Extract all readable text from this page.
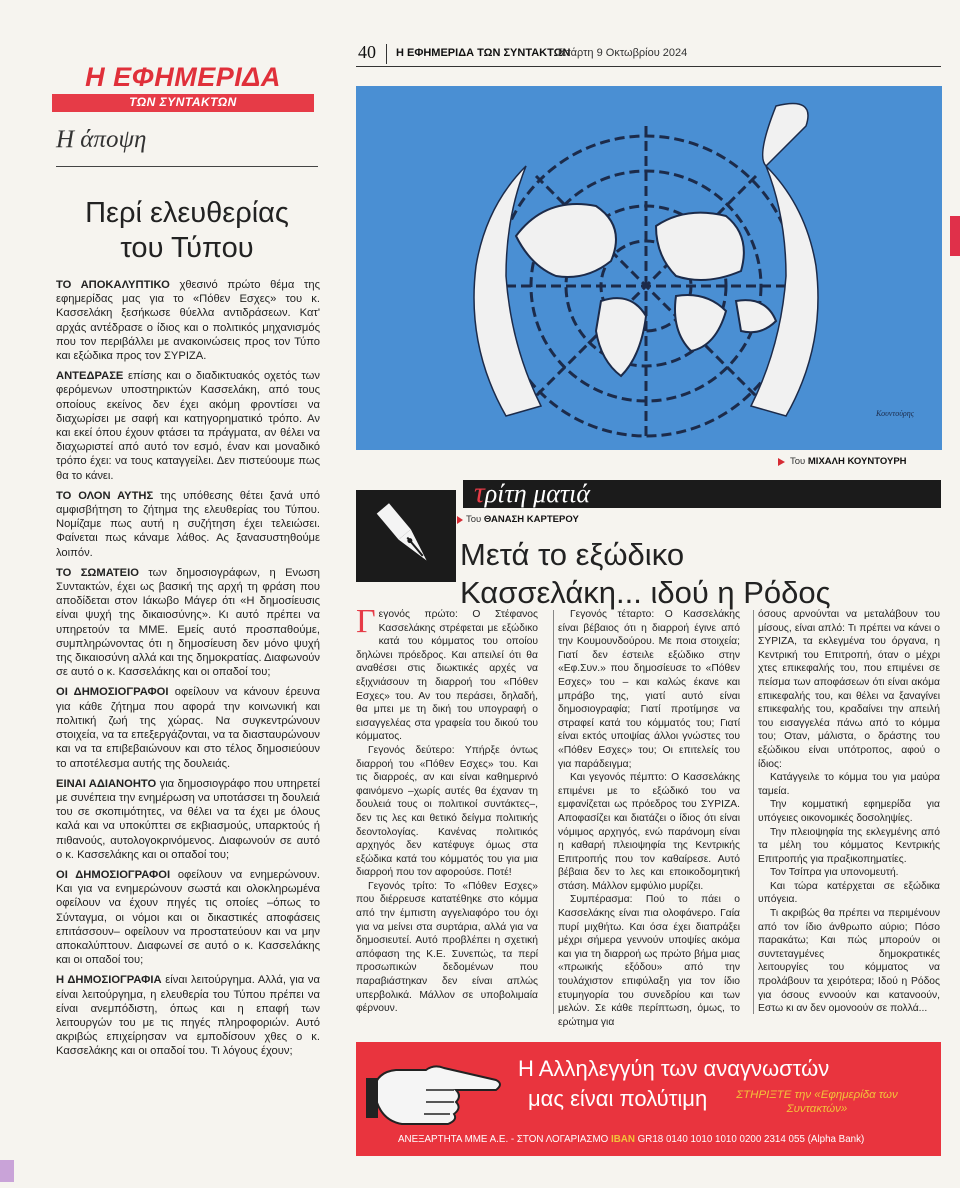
40 Η ΕΦΗΜΕΡΙΔΑ ΤΩΝ ΣΥΝΤΑΚΤΩΝ
Τετάρτη 9 Οκτωβρίου 2024
Η ΕΦΗΜΕΡΙΔΑ
ΤΩΝ ΣΥΝΤΑΚΤΩΝ
Η άποψη
Περί ελευθερίας
του Τύπου

ΤΟ ΑΠΟΚΑΛΥΠΤΙΚΟ χθεσινό πρώτο θέμα της εφημερίδας μας για το «Πόθεν Εσχες» του κ. Κασσελάκη ξεσήκωσε θύελλα αντιδράσεων. Κατ' αρχάς αντέδρασε ο ίδιος και ο πολιτικός μηχανισμός που τον περιβάλλει με ανακοινώσεις προς τον Τύπο και εξώδικα προς τον ΣΥΡΙΖΑ.

ΑΝΤΕΔΡΑΣΕ επίσης και ο διαδικτυακός οχετός των φερόμενων υποστηρικτών Κασσελάκη, από τους οποίους εκείνος δεν έχει ακόμη φροντίσει να διαχωρίσει με σαφή και κατηγορηματικό τρόπο. Αν και εκεί όπου έχουν φτάσει τα πράγματα, αν θέλει να διαχωριστεί από αυτό τον εσμό, έναν και μοναδικό τρόπο έχει: να τους καταγγείλει. Δεν πιστεύουμε πως θα το κάνει.

ΤΟ ΟΛΟΝ ΑΥΤΗΣ της υπόθεσης θέτει ξανά υπό αμφισβήτηση το ζήτημα της ελευθερίας του Τύπου. Νομίζαμε πως αυτή η συζήτηση έχει τελειώσει. Φαίνεται πως κάναμε λάθος. Ας ξανασυστηθούμε λοιπόν.

ΤΟ ΣΩΜΑΤΕΙΟ των δημοσιογράφων, η Ενωση Συντακτών, έχει ως βασική της αρχή τη φράση που αποδίδεται στον Ιάκωβο Μάγερ ότι «Η δημοσίευσις είναι ψυχή της δικαιοσύνης». Κι αυτό πρέπει να υπηρετούν τα ΜΜΕ. Εμείς αυτό προσπαθούμε, συμπληρώνοντας ότι η δημοσίευση δεν μόνο ψυχή της δικαιοσύνη αλλά και της δημοκρατίας. Διαφωνούν σε αυτό ο κ. Κασσελάκης και οι οπαδοί του;

ΟΙ ΔΗΜΟΣΙΟΓΡΑΦΟΙ οφείλουν να κάνουν έρευνα για κάθε ζήτημα που αφορά την κοινωνική και πολιτική ζωή της χώρας. Να συγκεντρώνουν στοιχεία, να τα επεξεργάζονται, να τα διασταυρώνουν και να τα επιβεβαιώνουν και στο τέλος δημοσιεύουν το αποτέλεσμα αυτής της δουλειάς.

ΕΙΝΑΙ ΑΔΙΑΝΟΗΤΟ για δημοσιογράφο που υπηρετεί με συνέπεια την ενημέρωση να υποτάσσει τη δουλειά του σε σκοπιμότητες, να θέλει να τα έχει με όλους καλά και να υποκύπτει σε εκβιασμούς, υπαρκτούς ή πιθανούς, αυτολογοκρινόμενος. Διαφωνούν σε αυτό ο κ. Κασσελάκης και οι οπαδοί του;

ΟΙ ΔΗΜΟΣΙΟΓΡΑΦΟΙ οφείλουν να ενημερώνουν. Και για να ενημερώνουν σωστά και ολοκληρωμένα οφείλουν να έχουν πηγές τις οποίες –όπως το Σύνταγμα, οι νόμοι και οι δικαστικές αποφάσεις επιτάσσουν– οφείλουν να προστατεύουν και να μην αποκαλύπτουν. Διαφωνεί σε αυτό ο κ. Κασσελάκης και οι οπαδοί του;

Η ΔΗΜΟΣΙΟΓΡΑΦΙΑ είναι λειτούργημα. Αλλά, για να είναι λειτούργημα, η ελευθερία του Τύπου πρέπει να είναι ανεμπόδιστη, όπως και η επαφή των λειτουργών του με τις πηγές πληροφοριών. Αυτό ακριβώς επιχείρησαν να εμποδίσουν χθες ο κ. Κασσελάκης και οι οπαδοί του. Τι λόγους έχουν;

Κουντούρης
Του ΜΙΧΑΛΗ ΚΟΥΝΤΟΥΡΗ
τρίτη ματιά
Του ΘΑΝΑΣΗ ΚΑΡΤΕΡΟΥ
Μετά το εξώδικο
Κασσελάκη... ιδού η Ρόδος

Γεγονός πρώτο: Ο Στέφανος Κασσελάκης στρέφεται με εξώδικο κατά του κόμματος του οποίου δηλώνει πρόεδρος. Και απειλεί ότι θα αναθέσει στις διωκτικές αρχές να εξιχνιάσουν τη διαρροή του «Πόθεν Εσχες» του. Αν του περάσει, δηλαδή, θα μπει με τη δική του υπογραφή ο εισαγγελέας στα γραφεία του δικού του κόμματος.

Γεγονός δεύτερο: Υπήρξε όντως διαρροή του «Πόθεν Εσχες» του. Και τις διαρροές, αν και είναι καθημερινό φαινόμενο –χωρίς αυτές θα έχαναν τη δουλειά τους οι πολιτικοί συντάκτες–, δεν τις λες και θετικό δείγμα πολιτικής δεοντολογίας. Κανένας πολιτικός αρχηγός δεν κατέφυγε όμως στα εξώδικα κατά του κόμματός του για μια διαρροή που τον αφορούσε. Ποτέ!

Γεγονός τρίτο: Το «Πόθεν Εσχες» που διέρρευσε κατατέθηκε στο κόμμα από την έμπιστη αγγελιαφόρο του όχι για να μείνει στα συρτάρια, αλλά για να δημοσιευτεί. Αυτό προβλέπει η σχετική απόφαση της Κ.Ε. Συνεπώς, τα περί προσωπικών δεδομένων που παραβιάστηκαν δεν είναι απλώς υπερβολικά. Μάλλον σε υποβολιμαία φέρνουν.

Γεγονός τέταρτο: Ο Κασσελάκης είναι βέβαιος ότι η διαρροή έγινε από την Κουμουνδούρου. Με ποια στοιχεία; Γιατί δεν έστειλε εξώδικο στην «Εφ.Συν.» που δημοσίευσε το «Πόθεν Εσχες» του – και καλώς έκανε και μπράβο της, γιατί αυτό είναι δημοσιογραφία; Γιατί προτίμησε να στραφεί κατά του κόμματός του; Γιατί είναι εκτός υποψίας άλλοι γνώστες του «Πόθεν Εσχες» του; Οι επιτελείς του για παράδειγμα;

Και γεγονός πέμπτο: Ο Κασσελάκης επιμένει με το εξώδικό του να εμφανίζεται ως πρόεδρος του ΣΥΡΙΖΑ. Αποφασίζει και διατάζει ο ίδιος ότι είναι νόμιμος αρχηγός, ενώ παράνομη είναι η καθαρή πλειοψηφία της Κεντρικής Επιτροπής που τον καθαίρεσε. Αυτό βέβαια δεν το λες και εποικοδομητική στάση. Μάλλον εμφύλιο μυρίζει.

Συμπέρασμα: Πού το πάει ο Κασσελάκης είναι πια ολοφάνερο. Γαία πυρί μιχθήτω. Και όσα έχει διαπράξει μέχρι σήμερα γεννούν υποψίες ακόμα και για τη διαρροή ως πρώτο βήμα μιας «πρωικής εξόδου» από την τουλάχιστον επιφύλαξη για τον ίδιο ετυμηγορία του συνεδρίου και των μελών. Σε κάθε περίπτωση, όμως, το ερώτημα για

όσους αρνούνται να μεταλάβουν του μίσους, είναι απλό: Τι πρέπει να κάνει ο ΣΥΡΙΖΑ, τα εκλεγμένα του όργανα, η Κεντρική του Επιτροπή, όταν ο μέχρι χτες επικεφαλής του, που επιμένει σε πείσμα των αποφάσεων ότι είναι ακόμα επικεφαλής του, και θέλει να ξαναγίνει επικεφαλής του, κραδαίνει την απειλή του εισαγγελέα πάνω από το κόμμα του; Οταν, μάλιστα, ο δράστης του εξώδικου είναι υπότροπος, αφού ο ίδιος:

Κατάγγειλε το κόμμα του για μαύρα ταμεία.

Την κομματική εφημερίδα για υπόγειες οικονομικές δοσοληψίες.

Την πλειοψηφία της εκλεγμένης από τα μέλη του κόμματος Κεντρικής Επιτροπής για πραξικοπηματίες.

Τον Τσίπρα για υπονομευτή.

Και τώρα κατέρχεται σε εξώδικα υπόγεια.

Τι ακριβώς θα πρέπει να περιμένουν από τον ίδιο άνθρωπο αύριο; Πόσο παρακάτω; Και πώς μπορούν οι συντεταγμένες δημοκρατικές λειτουργίες του κόμματος να προλάβουν τα χειρότερα; Ιδού η Ρόδος για όσους εννοούν και κατανοούν, Εστω κι αν δεν ομονοούν σε πολλά...

Η Αλληλεγγύη των αναγνωστών
μας είναι πολύτιμη	ΣΤΗΡΙΞΤΕ την «Εφημερίδα των Συντακτών»
ΑΝΕΞΑΡΤΗΤΑ ΜΜΕ Α.Ε. - ΣΤΟΝ ΛΟΓΑΡΙΑΣΜΟ IBAN GR18 0140 1010 1010 0200 2314 055 (Alpha Bank)
